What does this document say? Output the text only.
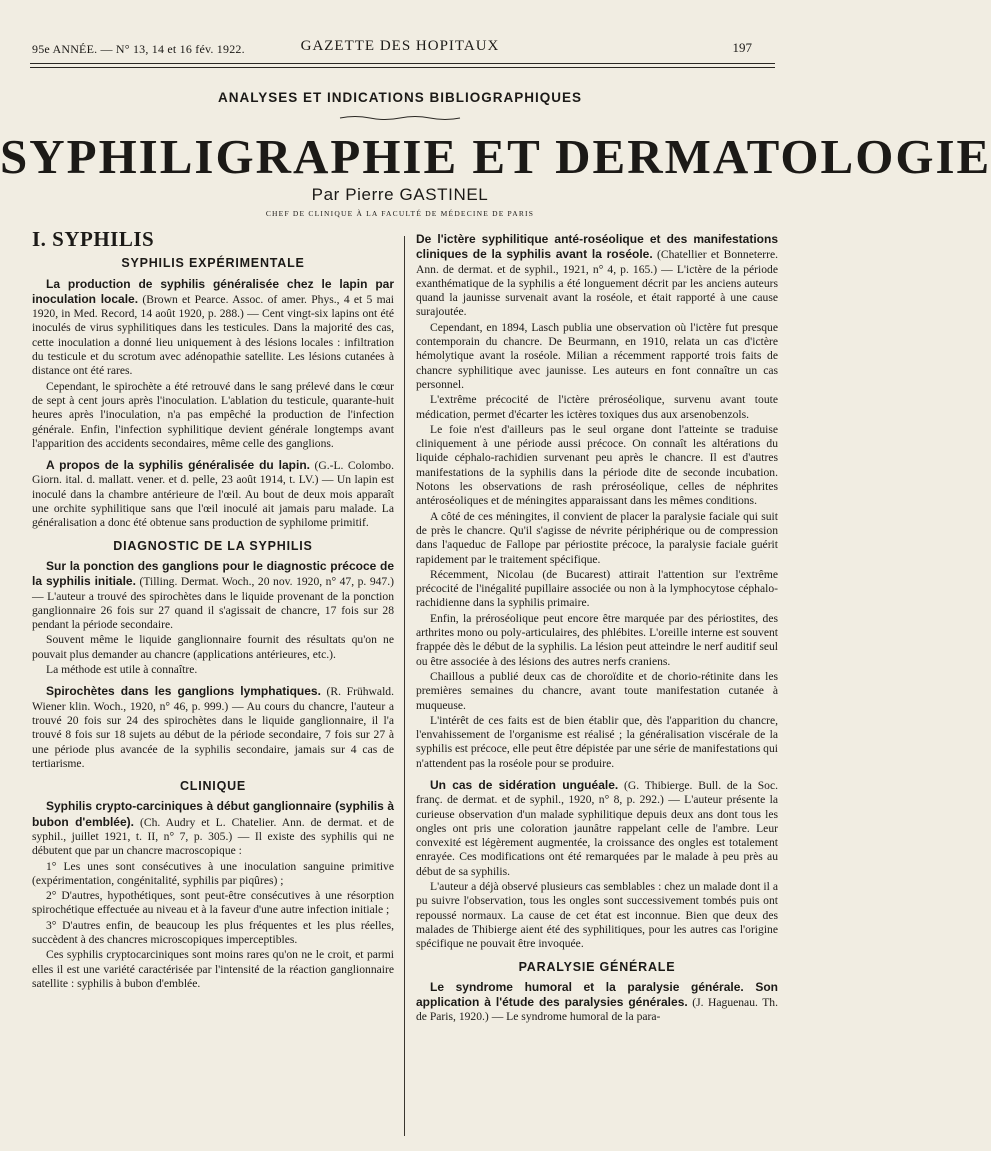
95e ANNÉE. — N° 13, 14 et 16 fév. 1922.	GAZETTE DES HOPITAUX	197
ANALYSES ET INDICATIONS BIBLIOGRAPHIQUES
SYPHILIGRAPHIE ET DERMATOLOGIE
Par Pierre GASTINEL
CHEF DE CLINIQUE À LA FACULTÉ DE MÉDECINE DE PARIS
I. SYPHILIS
SYPHILIS EXPÉRIMENTALE

La production de syphilis généralisée chez le lapin par inoculation locale. (Brown et Pearce. Assoc. of amer. Phys., 4 et 5 mai 1920, in Med. Record, 14 août 1920, p. 288.) — Cent vingt-six lapins ont été inoculés de virus syphilitiques dans les testicules. Dans la majorité des cas, cette inoculation a donné lieu uniquement à des lésions locales : infiltration du testicule et du scrotum avec adénopathie satellite. Les lésions cutanées à distance ont été rares.

Cependant, le spirochète a été retrouvé dans le sang prélevé dans le cœur de sept à cent jours après l'inoculation. L'ablation du testicule, quarante-huit heures après l'inoculation, n'a pas empêché la production de l'infection générale. Enfin, l'infection syphilitique devient générale longtemps avant l'apparition des accidents secondaires, même celle des ganglions.

A propos de la syphilis généralisée du lapin. (G.-L. Colombo. Giorn. ital. d. mallatt. vener. et d. pelle, 23 août 1914, t. LV.) — Un lapin est inoculé dans la chambre antérieure de l'œil. Au bout de deux mois apparaît une orchite syphilitique sans que l'œil inoculé ait jamais paru malade. La généralisation a donc été obtenue sans production de syphilome primitif.

DIAGNOSTIC DE LA SYPHILIS

Sur la ponction des ganglions pour le diagnostic précoce de la syphilis initiale. (Tilling. Dermat. Woch., 20 nov. 1920, n° 47, p. 947.) — L'auteur a trouvé des spirochètes dans le liquide provenant de la ponction ganglionnaire 26 fois sur 27 quand il s'agissait de chancre, 17 fois sur 28 pendant la période secondaire.

Souvent même le liquide ganglionnaire fournit des résultats qu'on ne pouvait plus demander au chancre (applications antérieures, etc.).

La méthode est utile à connaître.

Spirochètes dans les ganglions lymphatiques. (R. Frühwald. Wiener klin. Woch., 1920, n° 46, p. 999.) — Au cours du chancre, l'auteur a trouvé 20 fois sur 24 des spirochètes dans le liquide ganglionnaire, il l'a trouvé 8 fois sur 18 sujets au début de la période secondaire, 7 fois sur 27 à une période plus avancée de la syphilis secondaire, jamais sur 4 cas de tertiarisme.

CLINIQUE

Syphilis crypto-carciniques à début ganglionnaire (syphilis à bubon d'emblée). (Ch. Audry et L. Chatelier. Ann. de dermat. et de syphil., juillet 1921, t. II, n° 7, p. 305.) — Il existe des syphilis qui ne débutent que par un chancre macroscopique :

1° Les unes sont consécutives à une inoculation sanguine primitive (expérimentation, congénitalité, syphilis par piqûres) ;

2° D'autres, hypothétiques, sont peut-être consécutives à une résorption spirochétique effectuée au niveau et à la faveur d'une autre infection initiale ;

3° D'autres enfin, de beaucoup les plus fréquentes et les plus réelles, succèdent à des chancres microscopiques imperceptibles.

Ces syphilis cryptocarciniques sont moins rares qu'on ne le croit, et parmi elles il est une variété caractérisée par l'intensité de la réaction ganglionnaire satellite : syphilis à bubon d'emblée.

De l'ictère syphilitique anté-roséolique et des manifestations cliniques de la syphilis avant la roséole. (Chatellier et Bonneterre. Ann. de dermat. et de syphil., 1921, n° 4, p. 165.) — L'ictère de la période exanthématique de la syphilis a été longuement décrit par les anciens auteurs quand la jaunisse survenait avant la roséole, et était rapporté à une cause surajoutée.

Cependant, en 1894, Lasch publia une observation où l'ictère fut presque contemporain du chancre. De Beurmann, en 1910, relata un cas d'ictère hémolytique avant la roséole. Milian a récemment rapporté trois faits de chancre syphilitique avec jaunisse. Les auteurs en font connaître un cas personnel.

L'extrême précocité de l'ictère préroséolique, survenu avant toute médication, permet d'écarter les ictères toxiques dus aux arsenobenzols.

Le foie n'est d'ailleurs pas le seul organe dont l'atteinte se traduise cliniquement à une période aussi précoce. On connaît les altérations du liquide céphalo-rachidien survenant peu après le chancre. Il est d'autres manifestations de la syphilis dans la période dite de seconde incubation. Notons les observations de rash préroséolique, celles de néphrites antéroséoliques et de méningites apparaissant dans les mêmes conditions.

A côté de ces méningites, il convient de placer la paralysie faciale qui suit de près le chancre. Qu'il s'agisse de névrite périphérique ou de compression dans l'aqueduc de Fallope par périostite précoce, la paralysie faciale guérit rapidement par le traitement spécifique.

Récemment, Nicolau (de Bucarest) attirait l'attention sur l'extrême précocité de l'inégalité pupillaire associée ou non à la lymphocytose céphalo-rachidienne dans la syphilis primaire.

Enfin, la préroséolique peut encore être marquée par des périostites, des arthrites mono ou poly-articulaires, des phlébites. L'oreille interne est souvent frappée dès le début de la syphilis. La lésion peut atteindre le nerf auditif seul ou être associée à des lésions des autres nerfs craniens.

Chaillous a publié deux cas de choroïdite et de chorio-rétinite dans les premières semaines du chancre, avant toute manifestation cutanée à muqueuse.

L'intérêt de ces faits est de bien établir que, dès l'apparition du chancre, l'envahissement de l'organisme est réalisé ; la généralisation viscérale de la syphilis est précoce, elle peut être dépistée par une série de manifestations qui n'attendent pas la roséole pour se produire.

Un cas de sidération unguéale. (G. Thibierge. Bull. de la Soc. franç. de dermat. et de syphil., 1920, n° 8, p. 292.) — L'auteur présente la curieuse observation d'un malade syphilitique depuis deux ans dont tous les ongles ont pris une coloration jaunâtre rappelant celle de l'ambre. Leur convexité est légèrement augmentée, la croissance des ongles est totalement enrayée. Ces modifications ont été remarquées par le malade à peu près au début de sa syphilis.

L'auteur a déjà observé plusieurs cas semblables : chez un malade dont il a pu suivre l'observation, tous les ongles sont successivement tombés puis ont repoussé normaux. La cause de cet état est inconnue. Bien que deux des malades de Thibierge aient été des syphilitiques, pour les autres cas l'origine spécifique ne pouvait être invoquée.

PARALYSIE GÉNÉRALE

Le syndrome humoral et la paralysie générale. Son application à l'étude des paralysies générales. (J. Haguenau. Th. de Paris, 1920.) — Le syndrome humoral de la para-
